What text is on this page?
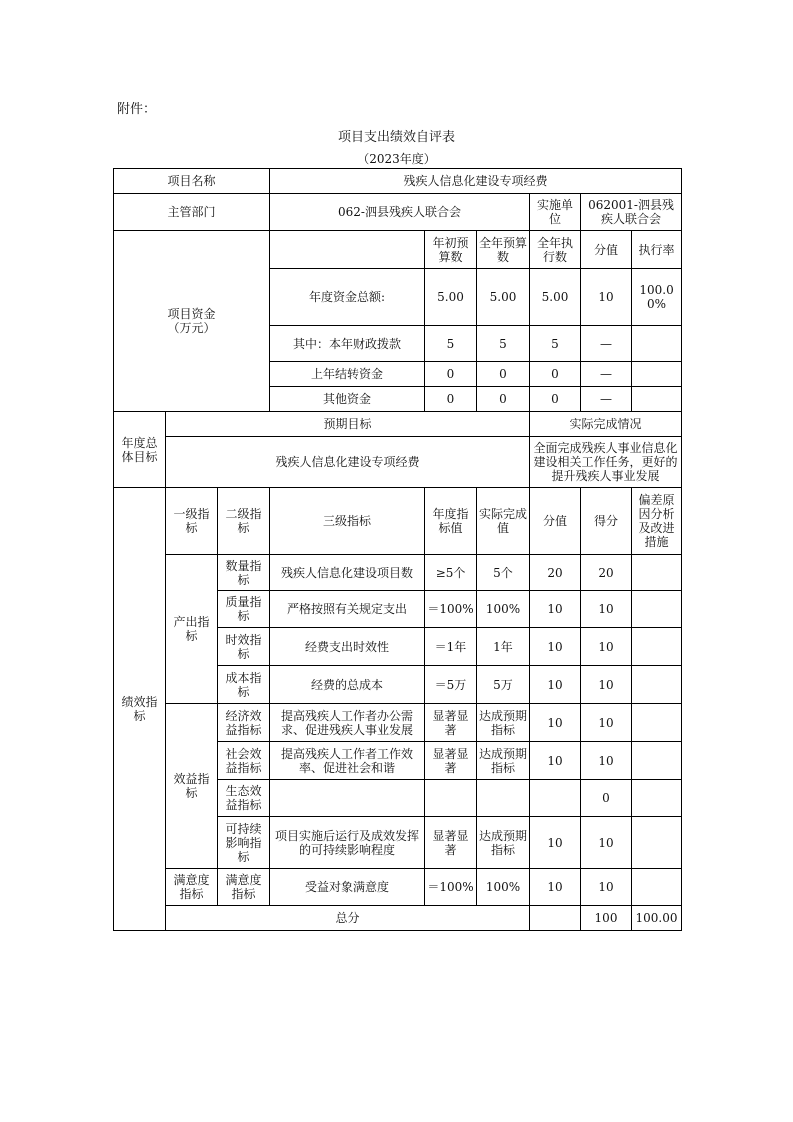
附件：
项目支出绩效自评表
（2023年度）
项目名称			残疾人信息化建设专项经费						
主管部门			062-泗县残疾人联合会			实施单位	062001-泗县残疾人联合会		
项目资金
（万元）				年初预算数	全年预算数	全年执行数	分值	执行率	
			年度资金总额:	5.00	5.00	5.00	10	100.00%	
			其中：本年财政拨款	5	5	5	—		
			上年结转资金	0	0	0	—		
			其他资金	0	0	0	—		
年度总体目标	预期目标					实际完成情况			
	残疾人信息化建设专项经费					全面完成残疾人事业信息化建设相关工作任务，更好的提升残疾人事业发展			
绩效指标	一级指标	二级指标	三级指标	年度指标值	实际完成值	分值	得分	偏差原因分析及改进措施	
	产出指标	数量指标	残疾人信息化建设项目数	≥5个	5个	20	20		
		质量指标	严格按照有关规定支出	＝100%	100%	10	10		
		时效指标	经费支出时效性	＝1年	1年	10	10		
		成本指标	经费的总成本	＝5万	5万	10	10		
	效益指标	经济效益指标	提高残疾人工作者办公需求、促进残疾人事业发展	显著显著	达成预期指标	10	10		
		社会效益指标	提高残疾人工作者工作效率、促进社会和谐	显著显著	达成预期指标	10	10		
		生态效益指标					0		
		可持续影响指标	项目实施后运行及成效发挥的可持续影响程度	显著显著	达成预期指标	10	10		
	满意度指标	满意度指标	受益对象满意度	＝100%	100%	10	10		
	总分						100	100.00	
